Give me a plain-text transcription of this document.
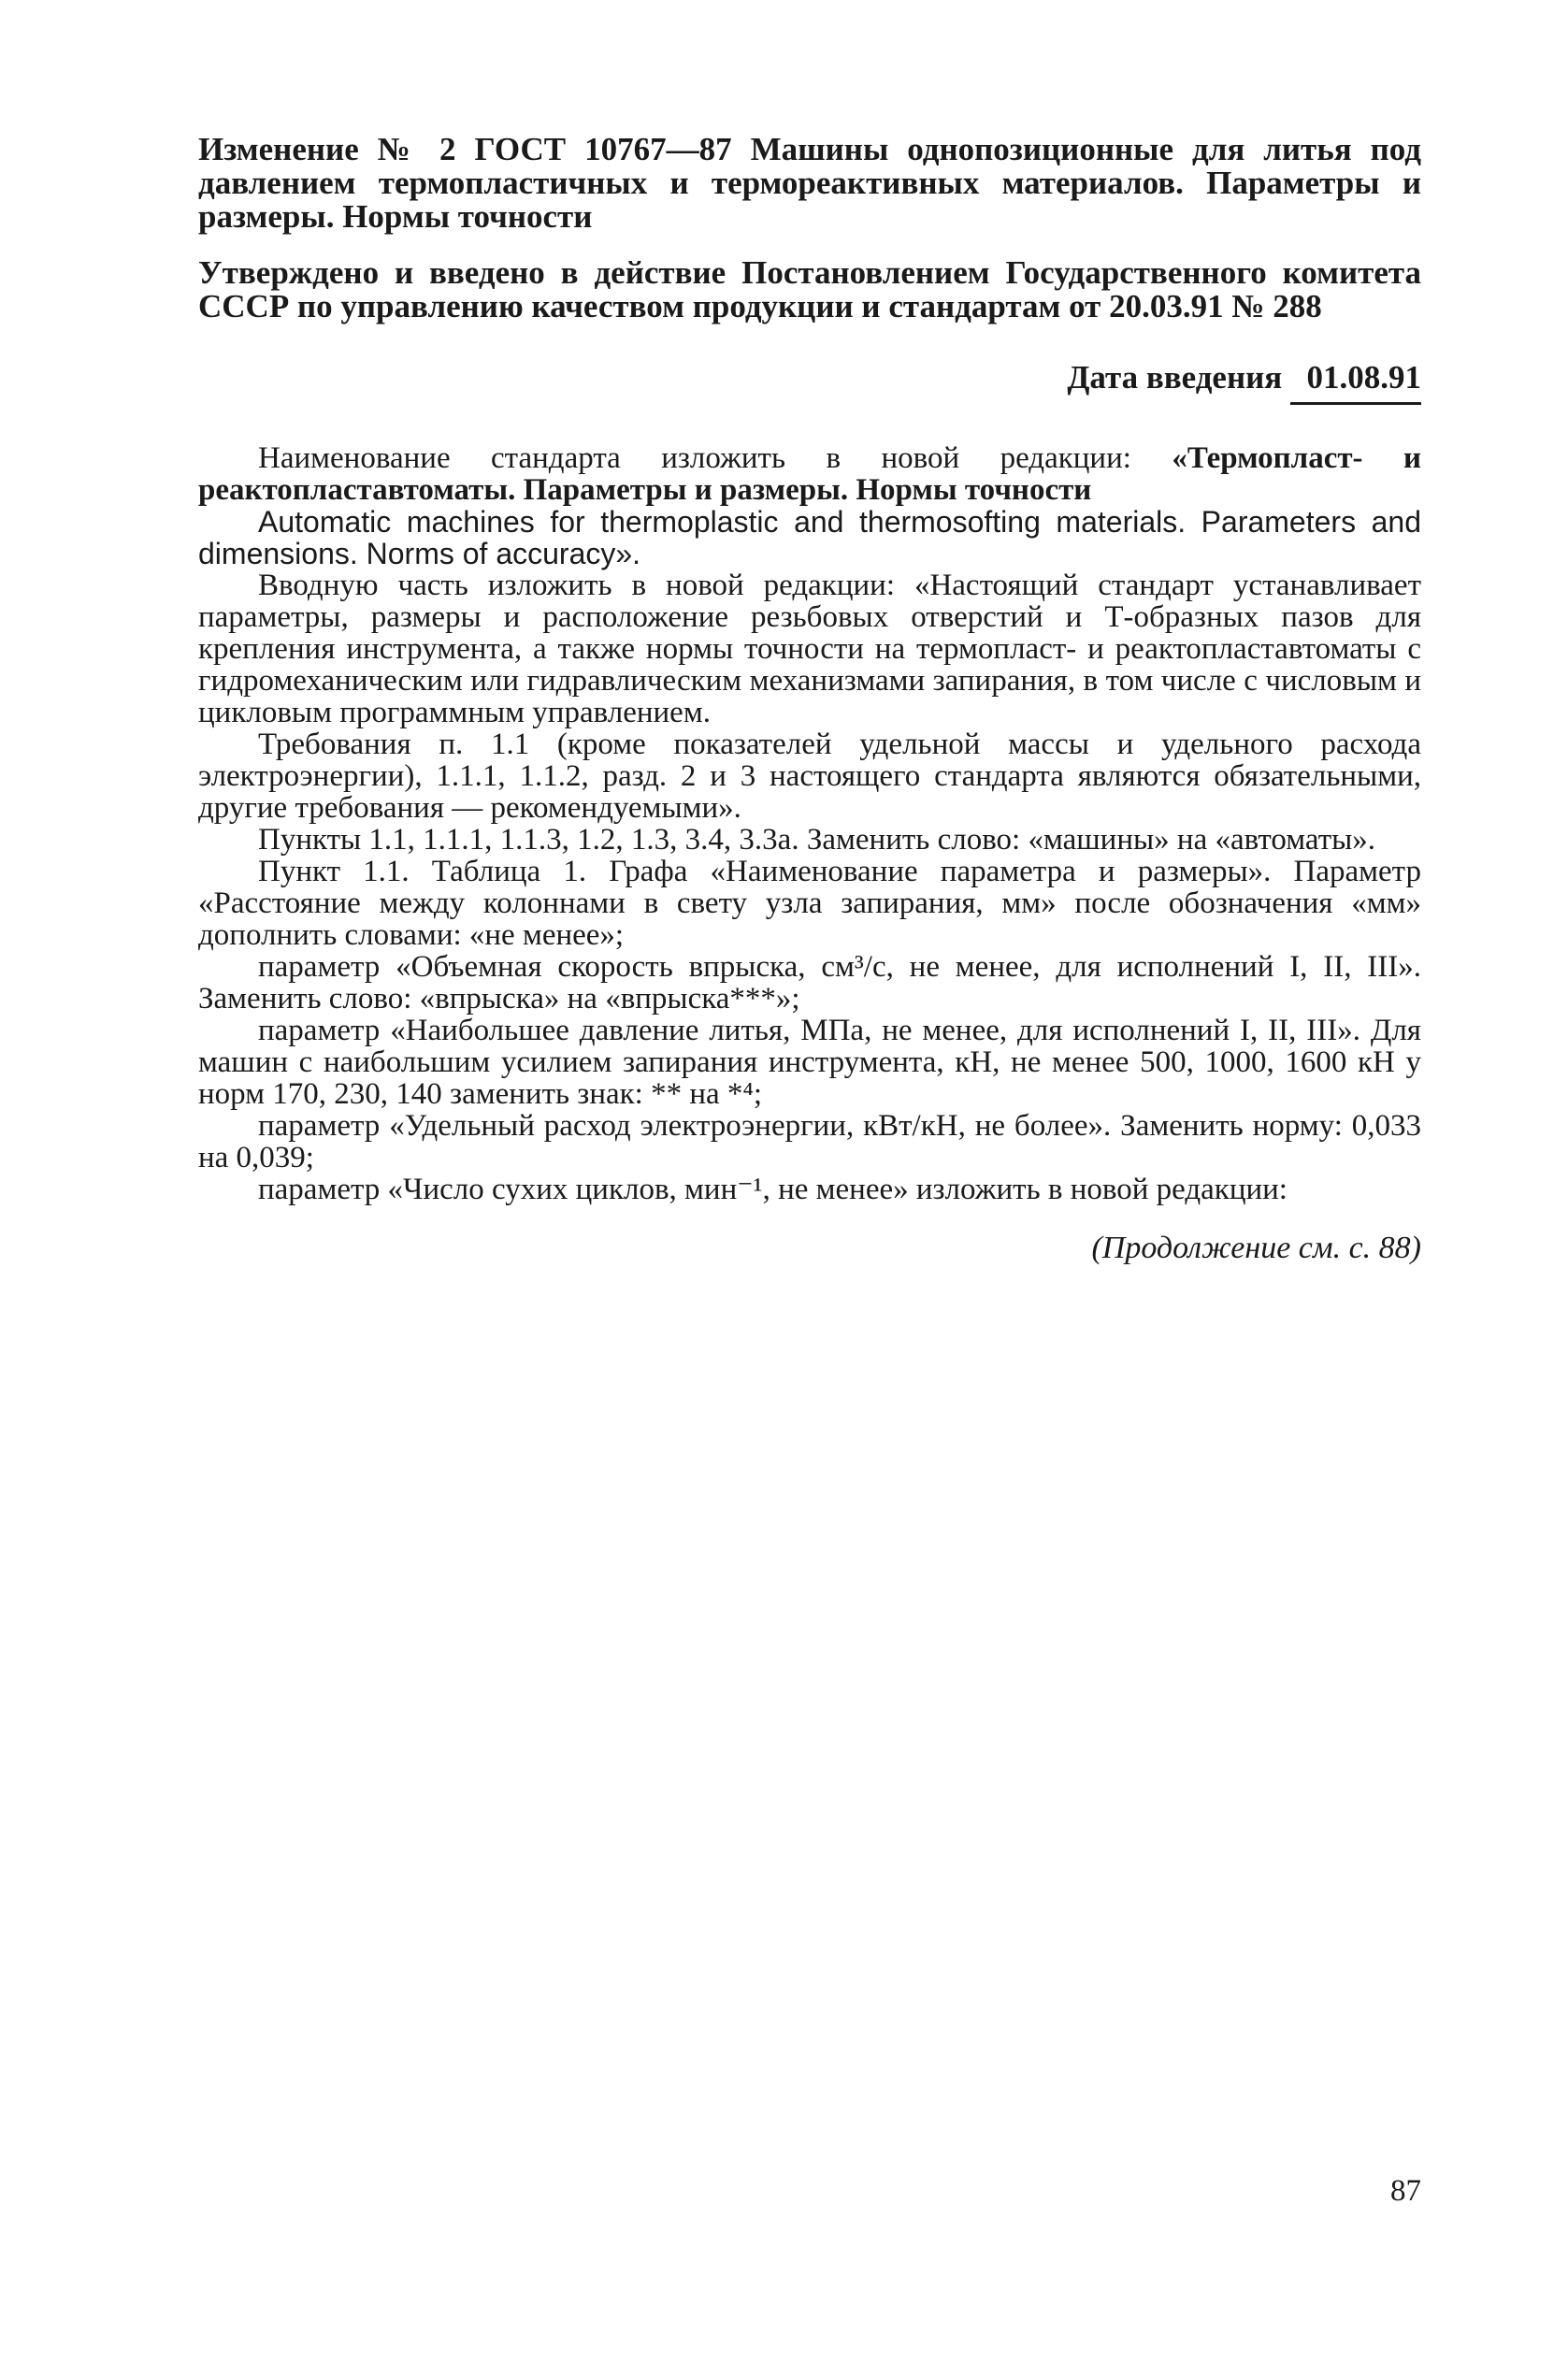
Изменение № 2 ГОСТ 10767—87 Машины однопозиционные для литья под давлением термопластичных и термореактивных материалов. Параметры и размеры. Нормы точности

Утверждено и введено в действие Постановлением Государственного комитета СССР по управлению качеством продукции и стандартам от 20.03.91 № 288

Дата введения 01.08.91

Наименование стандарта изложить в новой редакции: «Термопласт- и реактопластавтоматы. Параметры и размеры. Нормы точности

Automatic machines for thermoplastic and thermosofting materials. Parameters and dimensions. Norms of accuracy».

Вводную часть изложить в новой редакции: «Настоящий стандарт устанавливает параметры, размеры и расположение резьбовых отверстий и Т-образных пазов для крепления инструмента, а также нормы точности на термопласт- и реактопластавтоматы с гидромеханическим или гидравлическим механизмами запирания, в том числе с числовым и цикловым программным управлением.

Требования п. 1.1 (кроме показателей удельной массы и удельного расхода электроэнергии), 1.1.1, 1.1.2, разд. 2 и 3 настоящего стандарта являются обязательными, другие требования — рекомендуемыми».

Пункты 1.1, 1.1.1, 1.1.3, 1.2, 1.3, 3.4, 3.3а. Заменить слово: «машины» на «автоматы».

Пункт 1.1. Таблица 1. Графа «Наименование параметра и размеры». Параметр «Расстояние между колоннами в свету узла запирания, мм» после обозначения «мм» дополнить словами: «не менее»;

параметр «Объемная скорость впрыска, см³/с, не менее, для исполнений I, II, III». Заменить слово: «впрыска» на «впрыска***»;

параметр «Наибольшее давление литья, МПа, не менее, для исполнений I, II, III». Для машин с наибольшим усилием запирания инструмента, кН, не менее 500, 1000, 1600 кН у норм 170, 230, 140 заменить знак: ** на *⁴;

параметр «Удельный расход электроэнергии, кВт/кН, не более». Заменить норму: 0,033 на 0,039;

параметр «Число сухих циклов, мин⁻¹, не менее» изложить в новой редакции:

(Продолжение см. с. 88)
87
